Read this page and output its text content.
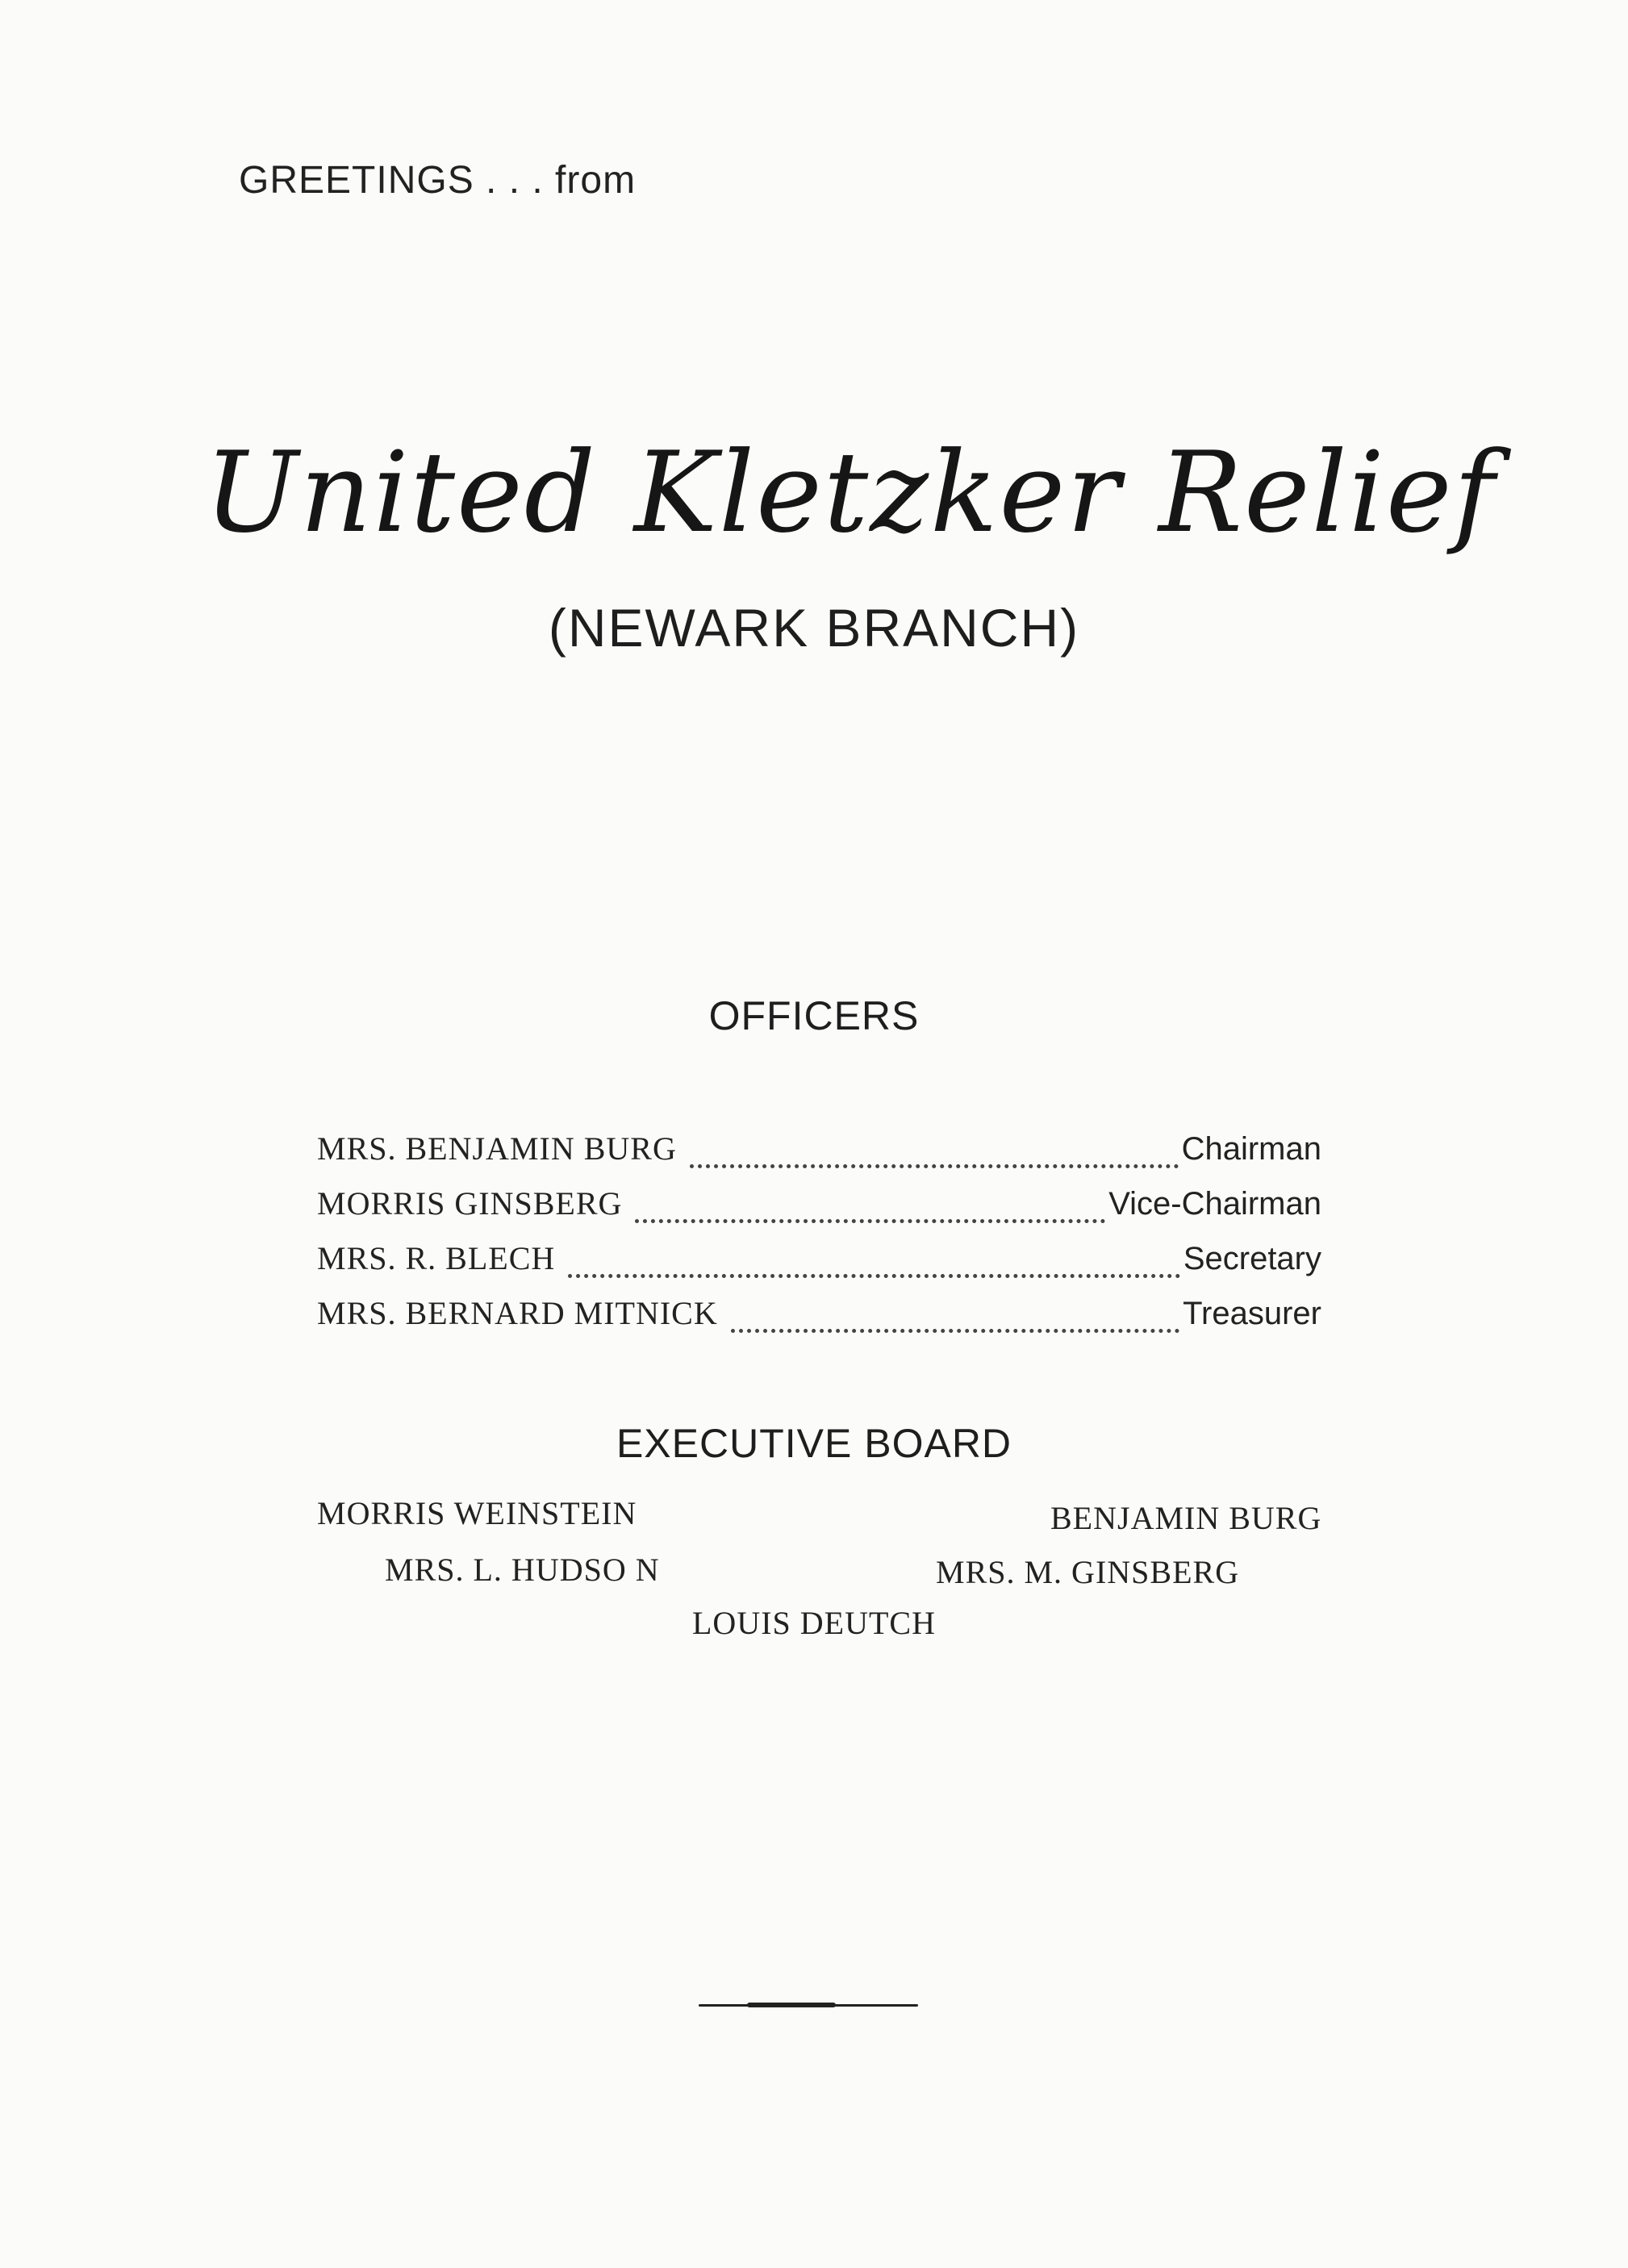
GREETINGS . . . from
United Kletzker Relief
(NEWARK BRANCH)
OFFICERS
MRS. BENJAMIN BURG	Chairman
MORRIS GINSBERG	Vice-Chairman
MRS. R. BLECH	Secretary
MRS. BERNARD MITNICK	Treasurer
EXECUTIVE BOARD
MORRIS WEINSTEIN	BENJAMIN BURG
MRS. L. HUDSO N	MRS. M. GINSBERG
LOUIS DEUTCH
